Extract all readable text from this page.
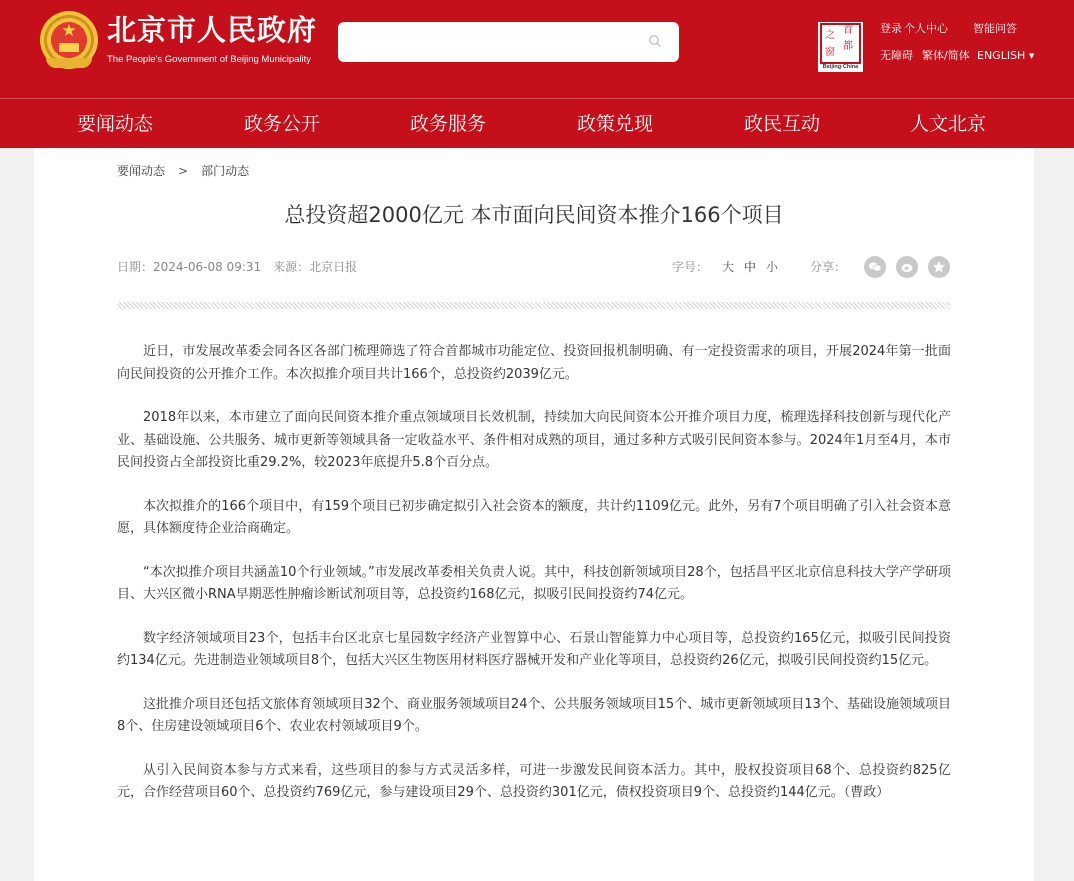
★	北京市人民政府
The People's Government of Beijing Municipality
之 首
都
窗
Beijing·China
登录 个人中心 智能问答
无障碍 繁体/简体 ENGLISH ▾
要闻动态	政务公开	政务服务	政策兑现	政民互动	人文北京
要闻动态 > 部门动态
总投资超2000亿元 本市面向民间资本推介166个项目
日期：2024-06-08 09:31 来源：北京日报	字号： 大 中 小	分享：

近日，市发展改革委会同各区各部门梳理筛选了符合首都城市功能定位、投资回报机制明确、有一定投资需求的项目，开展2024年第一批面向民间投资的公开推介工作。本次拟推介项目共计166个，总投资约2039亿元。

2018年以来，本市建立了面向民间资本推介重点领域项目长效机制，持续加大向民间资本公开推介项目力度，梳理选择科技创新与现代化产业、基础设施、公共服务、城市更新等领域具备一定收益水平、条件相对成熟的项目，通过多种方式吸引民间资本参与。2024年1月至4月，本市民间投资占全部投资比重29.2%，较2023年底提升5.8个百分点。

本次拟推介的166个项目中，有159个项目已初步确定拟引入社会资本的额度，共计约1109亿元。此外，另有7个项目明确了引入社会资本意愿，具体额度待企业洽商确定。

“本次拟推介项目共涵盖10个行业领域。”市发展改革委相关负责人说。其中，科技创新领域项目28个，包括昌平区北京信息科技大学产学研项目、大兴区微小RNA早期恶性肿瘤诊断试剂项目等，总投资约168亿元，拟吸引民间投资约74亿元。

数字经济领域项目23个，包括丰台区北京七星园数字经济产业智算中心、石景山智能算力中心项目等，总投资约165亿元，拟吸引民间投资约134亿元。先进制造业领域项目8个，包括大兴区生物医用材料医疗器械开发和产业化等项目，总投资约26亿元，拟吸引民间投资约15亿元。

这批推介项目还包括文旅体育领域项目32个、商业服务领域项目24个、公共服务领域项目15个、城市更新领域项目13个、基础设施领域项目8个、住房建设领域项目6个、农业农村领域项目9个。

从引入民间资本参与方式来看，这些项目的参与方式灵活多样，可进一步激发民间资本活力。其中，股权投资项目68个、总投资约825亿元，合作经营项目60个、总投资约769亿元，参与建设项目29个、总投资约301亿元，债权投资项目9个、总投资约144亿元。（曹政）
